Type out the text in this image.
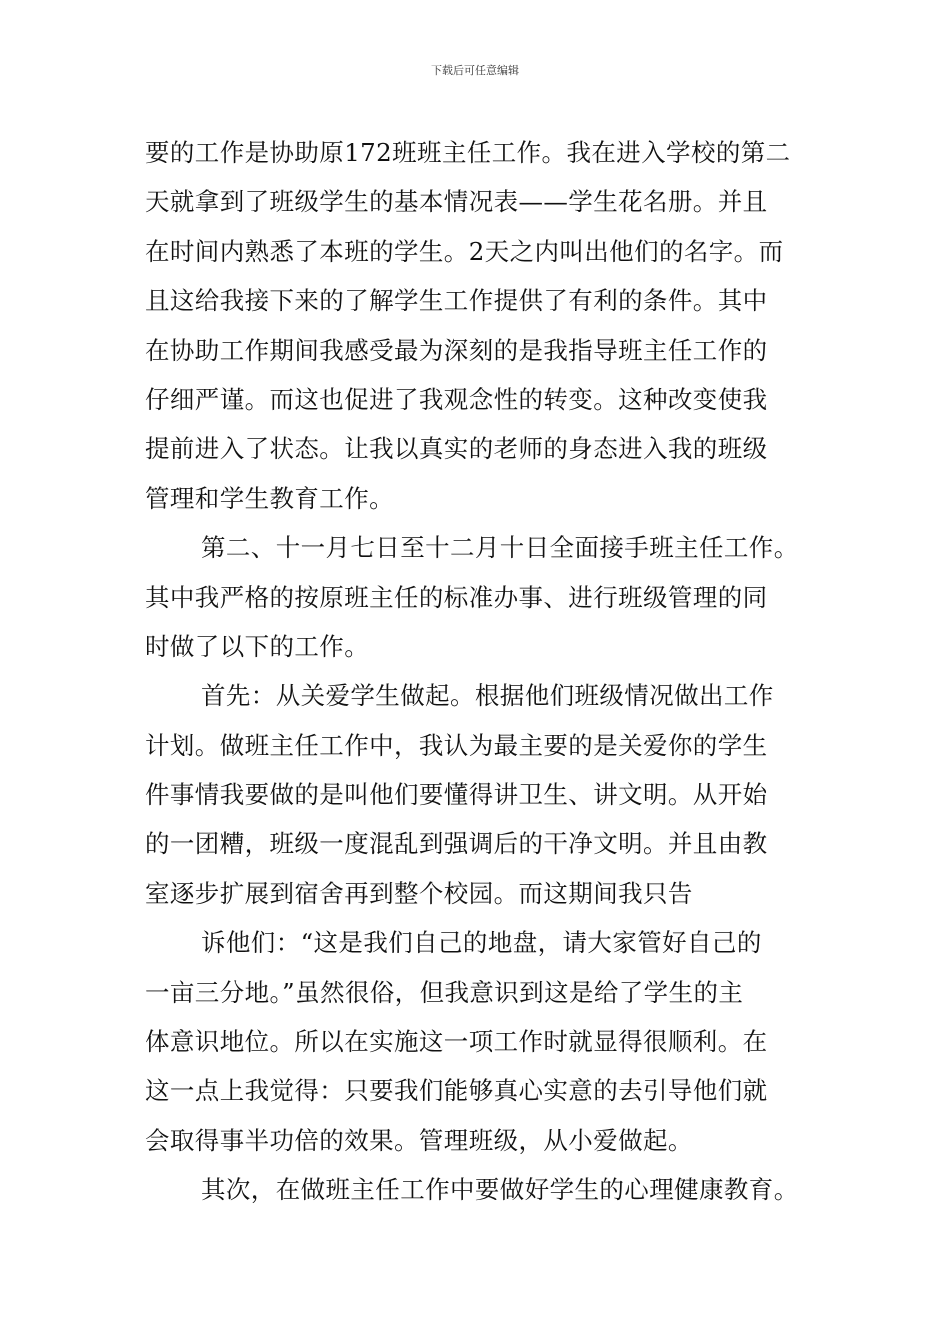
下载后可任意编辑
要的工作是协助原172班班主任工作。我在进入学校的第二
天就拿到了班级学生的基本情况表——学生花名册。并且
在时间内熟悉了本班的学生。2天之内叫出他们的名字。而
且这给我接下来的了解学生工作提供了有利的条件。其中
在协助工作期间我感受最为深刻的是我指导班主任工作的
仔细严谨。而这也促进了我观念性的转变。这种改变使我
提前进入了状态。让我以真实的老师的身态进入我的班级
管理和学生教育工作。
第二、十一月七日至十二月十日全面接手班主任工作。
其中我严格的按原班主任的标准办事、进行班级管理的同
时做了以下的工作。
首先：从关爱学生做起。根据他们班级情况做出工作
计划。做班主任工作中，我认为最主要的是关爱你的学生
件事情我要做的是叫他们要懂得讲卫生、讲文明。从开始
的一团糟，班级一度混乱到强调后的干净文明。并且由教
室逐步扩展到宿舍再到整个校园。而这期间我只告
诉他们：“这是我们自己的地盘，请大家管好自己的
一亩三分地。”虽然很俗，但我意识到这是给了学生的主
体意识地位。所以在实施这一项工作时就显得很顺利。在
这一点上我觉得：只要我们能够真心实意的去引导他们就
会取得事半功倍的效果。管理班级，从小爱做起。
其次，在做班主任工作中要做好学生的心理健康教育。
